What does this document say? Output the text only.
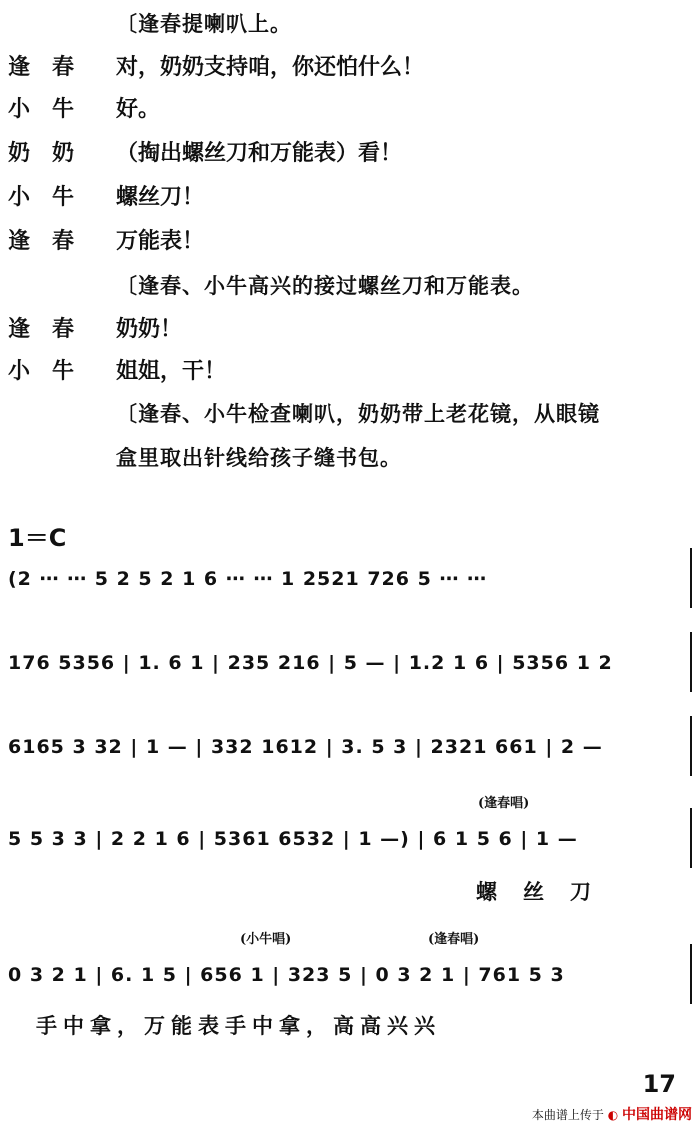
〔逢春提喇叭上。
逢春 对，奶奶支持咱，你还怕什么！
小牛 好。
奶奶 （掏出螺丝刀和万能表）看！
小牛 螺丝刀！
逢春 万能表！
〔逢春、小牛高兴的接过螺丝刀和万能表。
逢春 奶奶！
小牛 姐姐，干！
〔逢春、小牛检查喇叭，奶奶带上老花镜，从眼镜
盒里取出针线给孩子缝书包。
1＝C
(2 ⋯ ⋯ 5 2 5 2 1 6 ⋯ ⋯ 1 2521 726 5 ⋯ ⋯
176 5356 | 1. 6 1 | 235 216 | 5 — | 1.2 1 6 | 5356 1 2
6165 3 32 | 1 — | 332 1612 | 3. 5 3 | 2321 661 | 2 —
(逢春唱)
5 5 3 3 | 2 2 1 6 | 5361 6532 | 1 —) | 6 1 5 6 | 1 —
螺丝刀
(小牛唱)	(逢春唱)
0 3 2 1 | 6. 1 5 | 656 1 | 323 5 | 0 3 2 1 | 761 5 3
手中拿，万能表手中拿，高高兴兴
17
本曲谱上传于 ◐ 中国曲谱网
